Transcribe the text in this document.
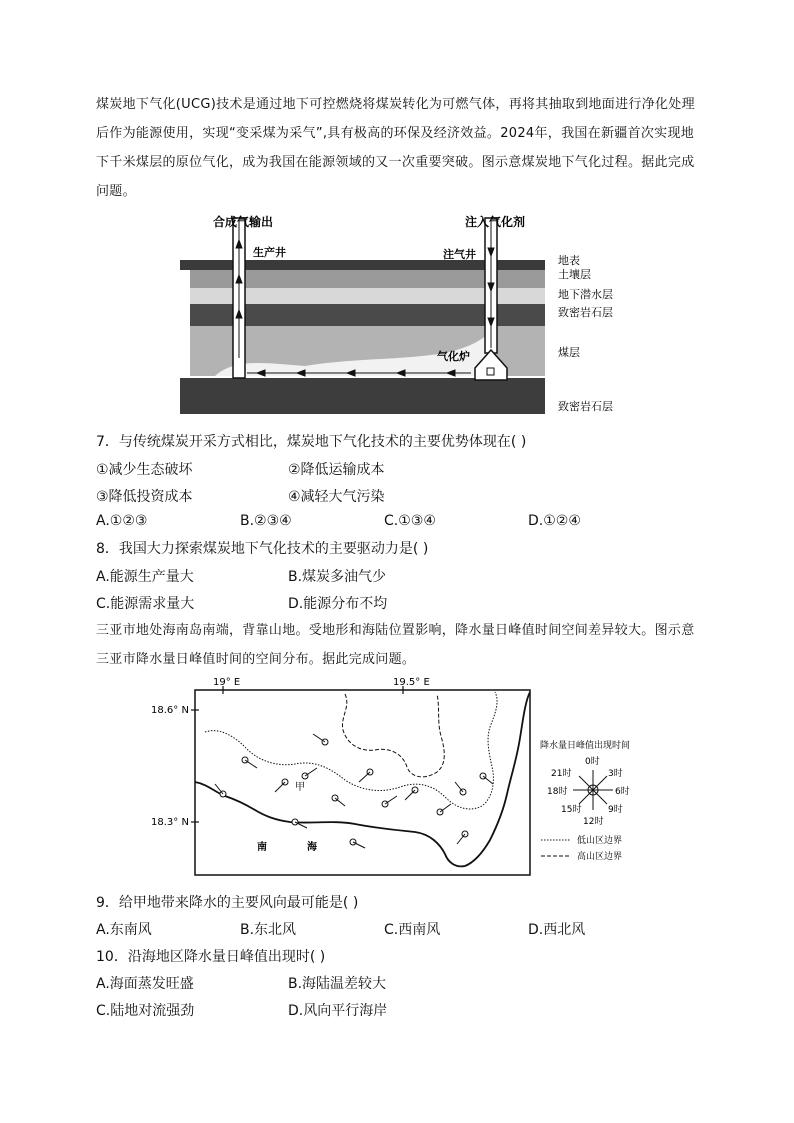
煤炭地下气化(UCG)技术是通过地下可控燃烧将煤炭转化为可燃气体，再将其抽取到地面进行净化处理后作为能源使用，实现“变采煤为采气”,具有极高的环保及经济效益。2024年，我国在新疆首次实现地下千米煤层的原位气化，成为我国在能源领域的又一次重要突破。图示意煤炭地下气化过程。据此完成问题。
合成气输出
生产井
注入气化剂
注气井
气化炉
地表
土壤层
地下潜水层
致密岩石层
煤层
致密岩石层
7．与传统煤炭开采方式相比，煤炭地下气化技术的主要优势体现在( )
①减少生态破坏	②降低运输成本
③降低投资成本	④减轻大气污染
A.①②③	B.②③④	C.①③④	D.①②④
8．我国大力探索煤炭地下气化技术的主要驱动力是( )
A.能源生产量大	B.煤炭多油气少
C.能源需求量大	D.能源分布不均
三亚市地处海南岛南端，背靠山地。受地形和海陆位置影响，降水量日峰值时间空间差异较大。图示意三亚市降水量日峰值时间的空间分布。据此完成问题。
19° E	19.5° E
18.6° N
18.3° N
甲
南	海
降水量日峰值出现时间
0时
3时
6时
9时
12时
15时
18时
21时
低山区边界
高山区边界
9．给甲地带来降水的主要风向最可能是( )
A.东南风	B.东北风	C.西南风	D.西北风
10．沿海地区降水量日峰值出现时( )
A.海面蒸发旺盛	B.海陆温差较大
C.陆地对流强劲	D.风向平行海岸
